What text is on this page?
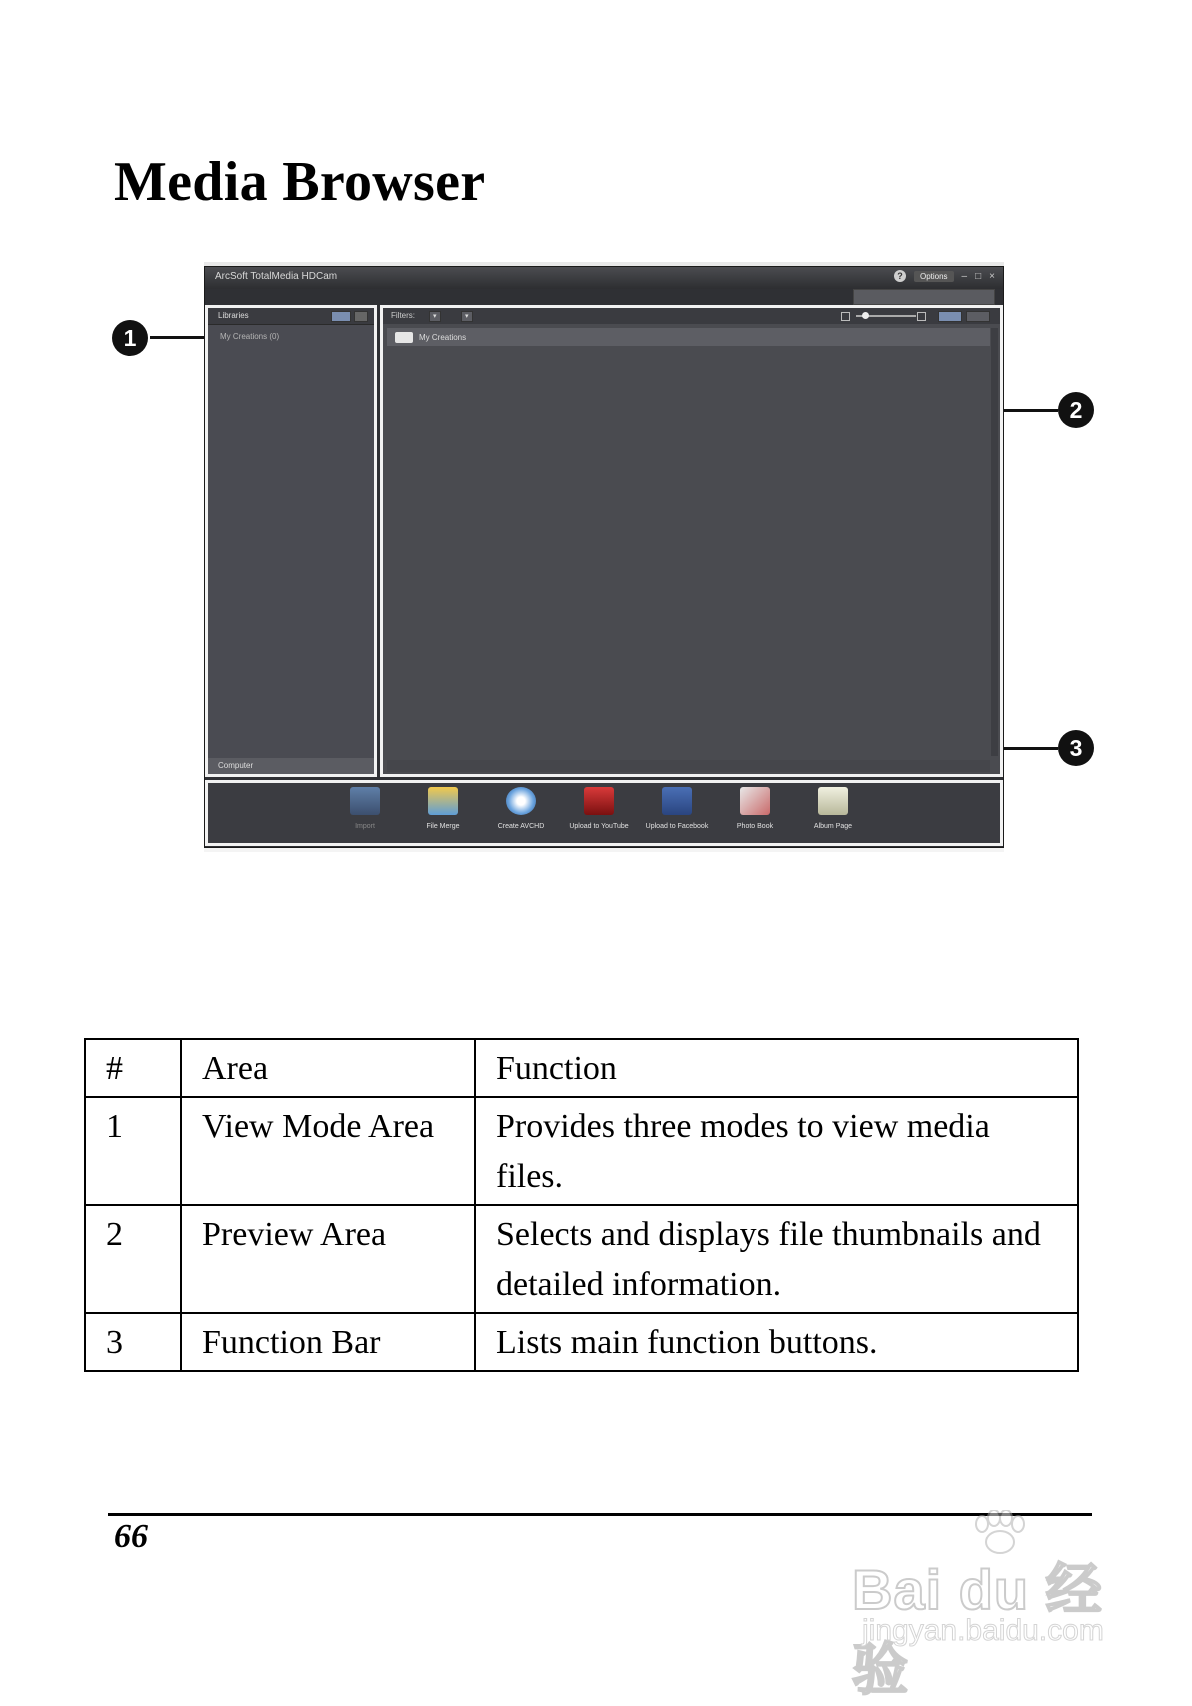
Media Browser
1
2
3
ArcSoft TotalMedia HDCam	?	Options	– □ ×
Libraries
My Creations (0)
Computer
Filters:	▾	▾
My Creations
Import	File Merge	Create AVCHD	Upload to YouTube	Upload to Facebook	Photo Book	Album Page
#	Area	Function
1	View Mode Area	Provides three modes to view media files.
2	Preview Area	Selects and displays file thumbnails and detailed information.
3	Function Bar	Lists main function buttons.
66
Bai du 经验
jingyan.baidu.com
